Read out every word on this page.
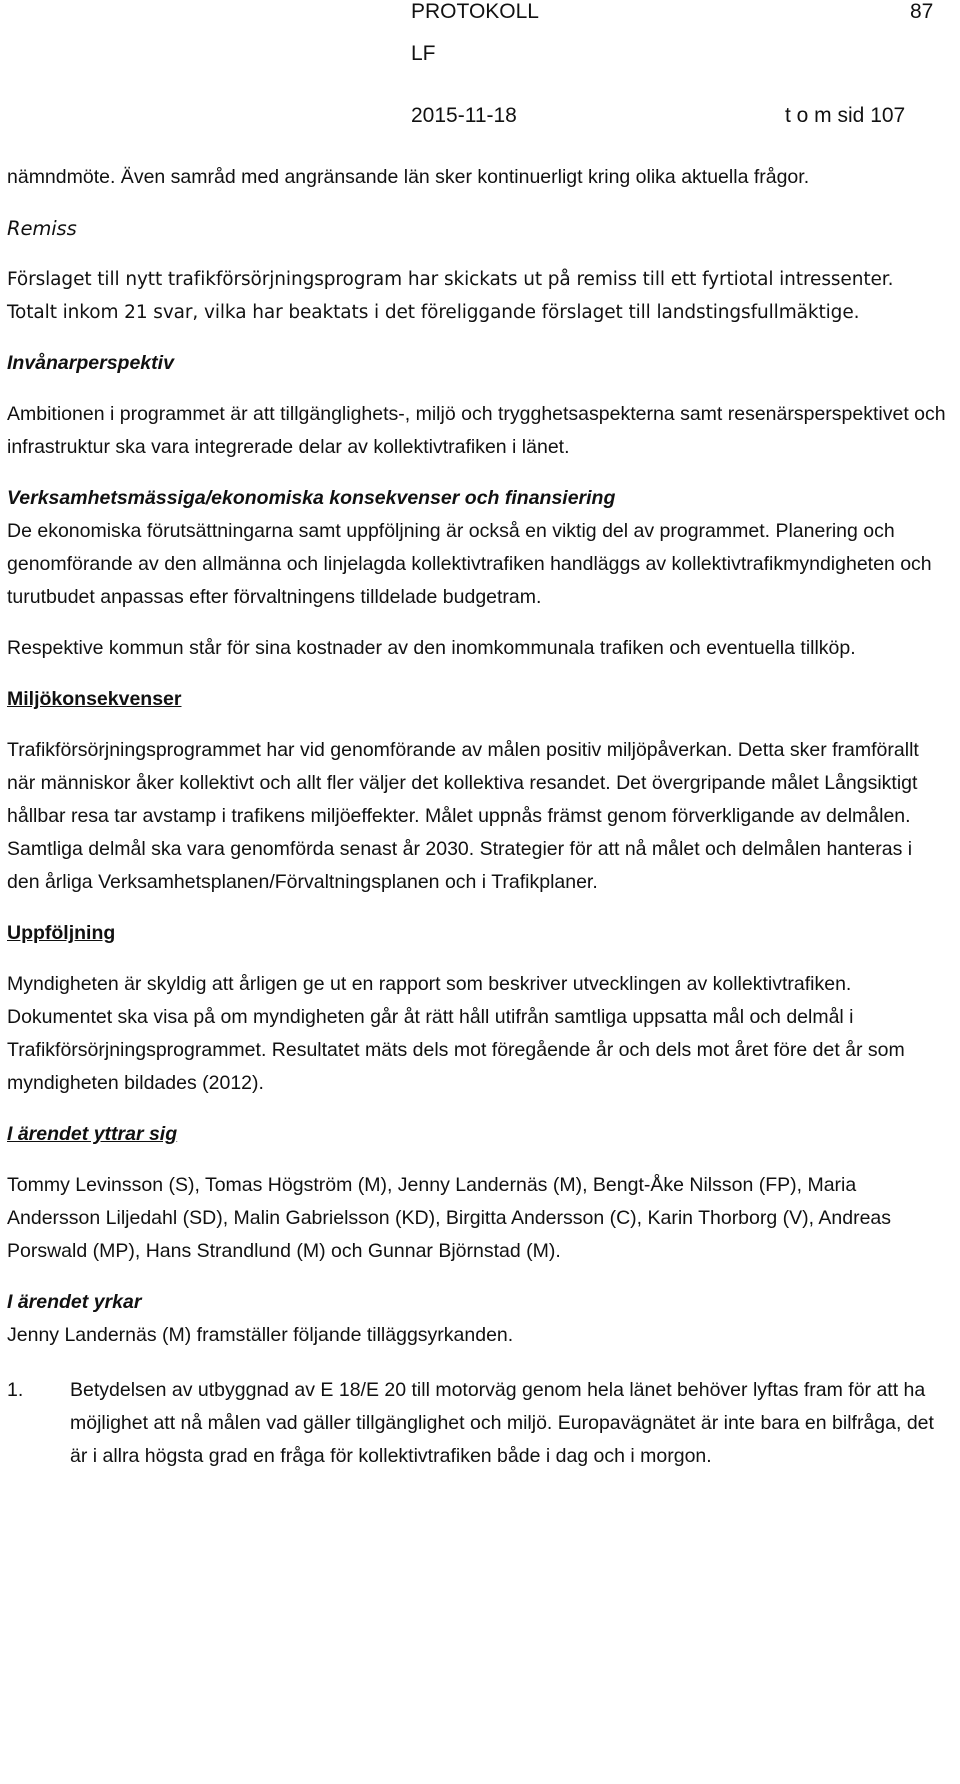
PROTOKOLL	87
LF
2015-11-18	t o m sid 107

nämndmöte. Även samråd med angränsande län sker kontinuerligt kring olika aktuella frågor.

Remiss

Förslaget till nytt trafikförsörjningsprogram har skickats ut på remiss till ett fyrtiotal intressenter. Totalt inkom 21 svar, vilka har beaktats i det föreliggande förslaget till landstingsfullmäktige.

Invånarperspektiv

Ambitionen i programmet är att tillgänglighets-, miljö och trygghetsaspekterna samt resenärsperspektivet och infrastruktur ska vara integrerade delar av kollektivtrafiken i länet.

Verksamhetsmässiga/ekonomiska konsekvenser och finansiering

De ekonomiska förutsättningarna samt uppföljning är också en viktig del av programmet. Planering och genomförande av den allmänna och linjelagda kollektivtrafiken handläggs av kollektivtrafikmyndigheten och turutbudet anpassas efter förvaltningens tilldelade budgetram.

Respektive kommun står för sina kostnader av den inomkommunala trafiken och eventuella tillköp.

Miljökonsekvenser

Trafikförsörjningsprogrammet har vid genomförande av målen positiv miljöpåverkan. Detta sker framförallt när människor åker kollektivt och allt fler väljer det kollektiva resandet. Det övergripande målet Långsiktigt hållbar resa tar avstamp i trafikens miljöeffekter. Målet uppnås främst genom förverkligande av delmålen. Samtliga delmål ska vara genomförda senast år 2030. Strategier för att nå målet och delmålen hanteras i den årliga Verksamhetsplanen/Förvaltningsplanen och i Trafikplaner.

Uppföljning

Myndigheten är skyldig att årligen ge ut en rapport som beskriver utvecklingen av kollektivtrafiken. Dokumentet ska visa på om myndigheten går åt rätt håll utifrån samtliga uppsatta mål och delmål i Trafikförsörjningsprogrammet. Resultatet mäts dels mot föregående år och dels mot året före det år som myndigheten bildades (2012).

I ärendet yttrar sig

Tommy Levinsson (S), Tomas Högström (M), Jenny Landernäs (M), Bengt-Åke Nilsson (FP), Maria Andersson Liljedahl (SD), Malin Gabrielsson (KD), Birgitta Andersson (C), Karin Thorborg (V), Andreas Porswald (MP), Hans Strandlund (M) och Gunnar Björnstad (M).

I ärendet yrkar

Jenny Landernäs (M) framställer följande tilläggsyrkanden.

1.	Betydelsen av utbyggnad av E 18/E 20 till motorväg genom hela länet behöver lyftas fram för att ha möjlighet att nå målen vad gäller tillgänglighet och miljö. Europavägnätet är inte bara en bilfråga, det är i allra högsta grad en fråga för kollektivtrafiken både i dag och i morgon.
